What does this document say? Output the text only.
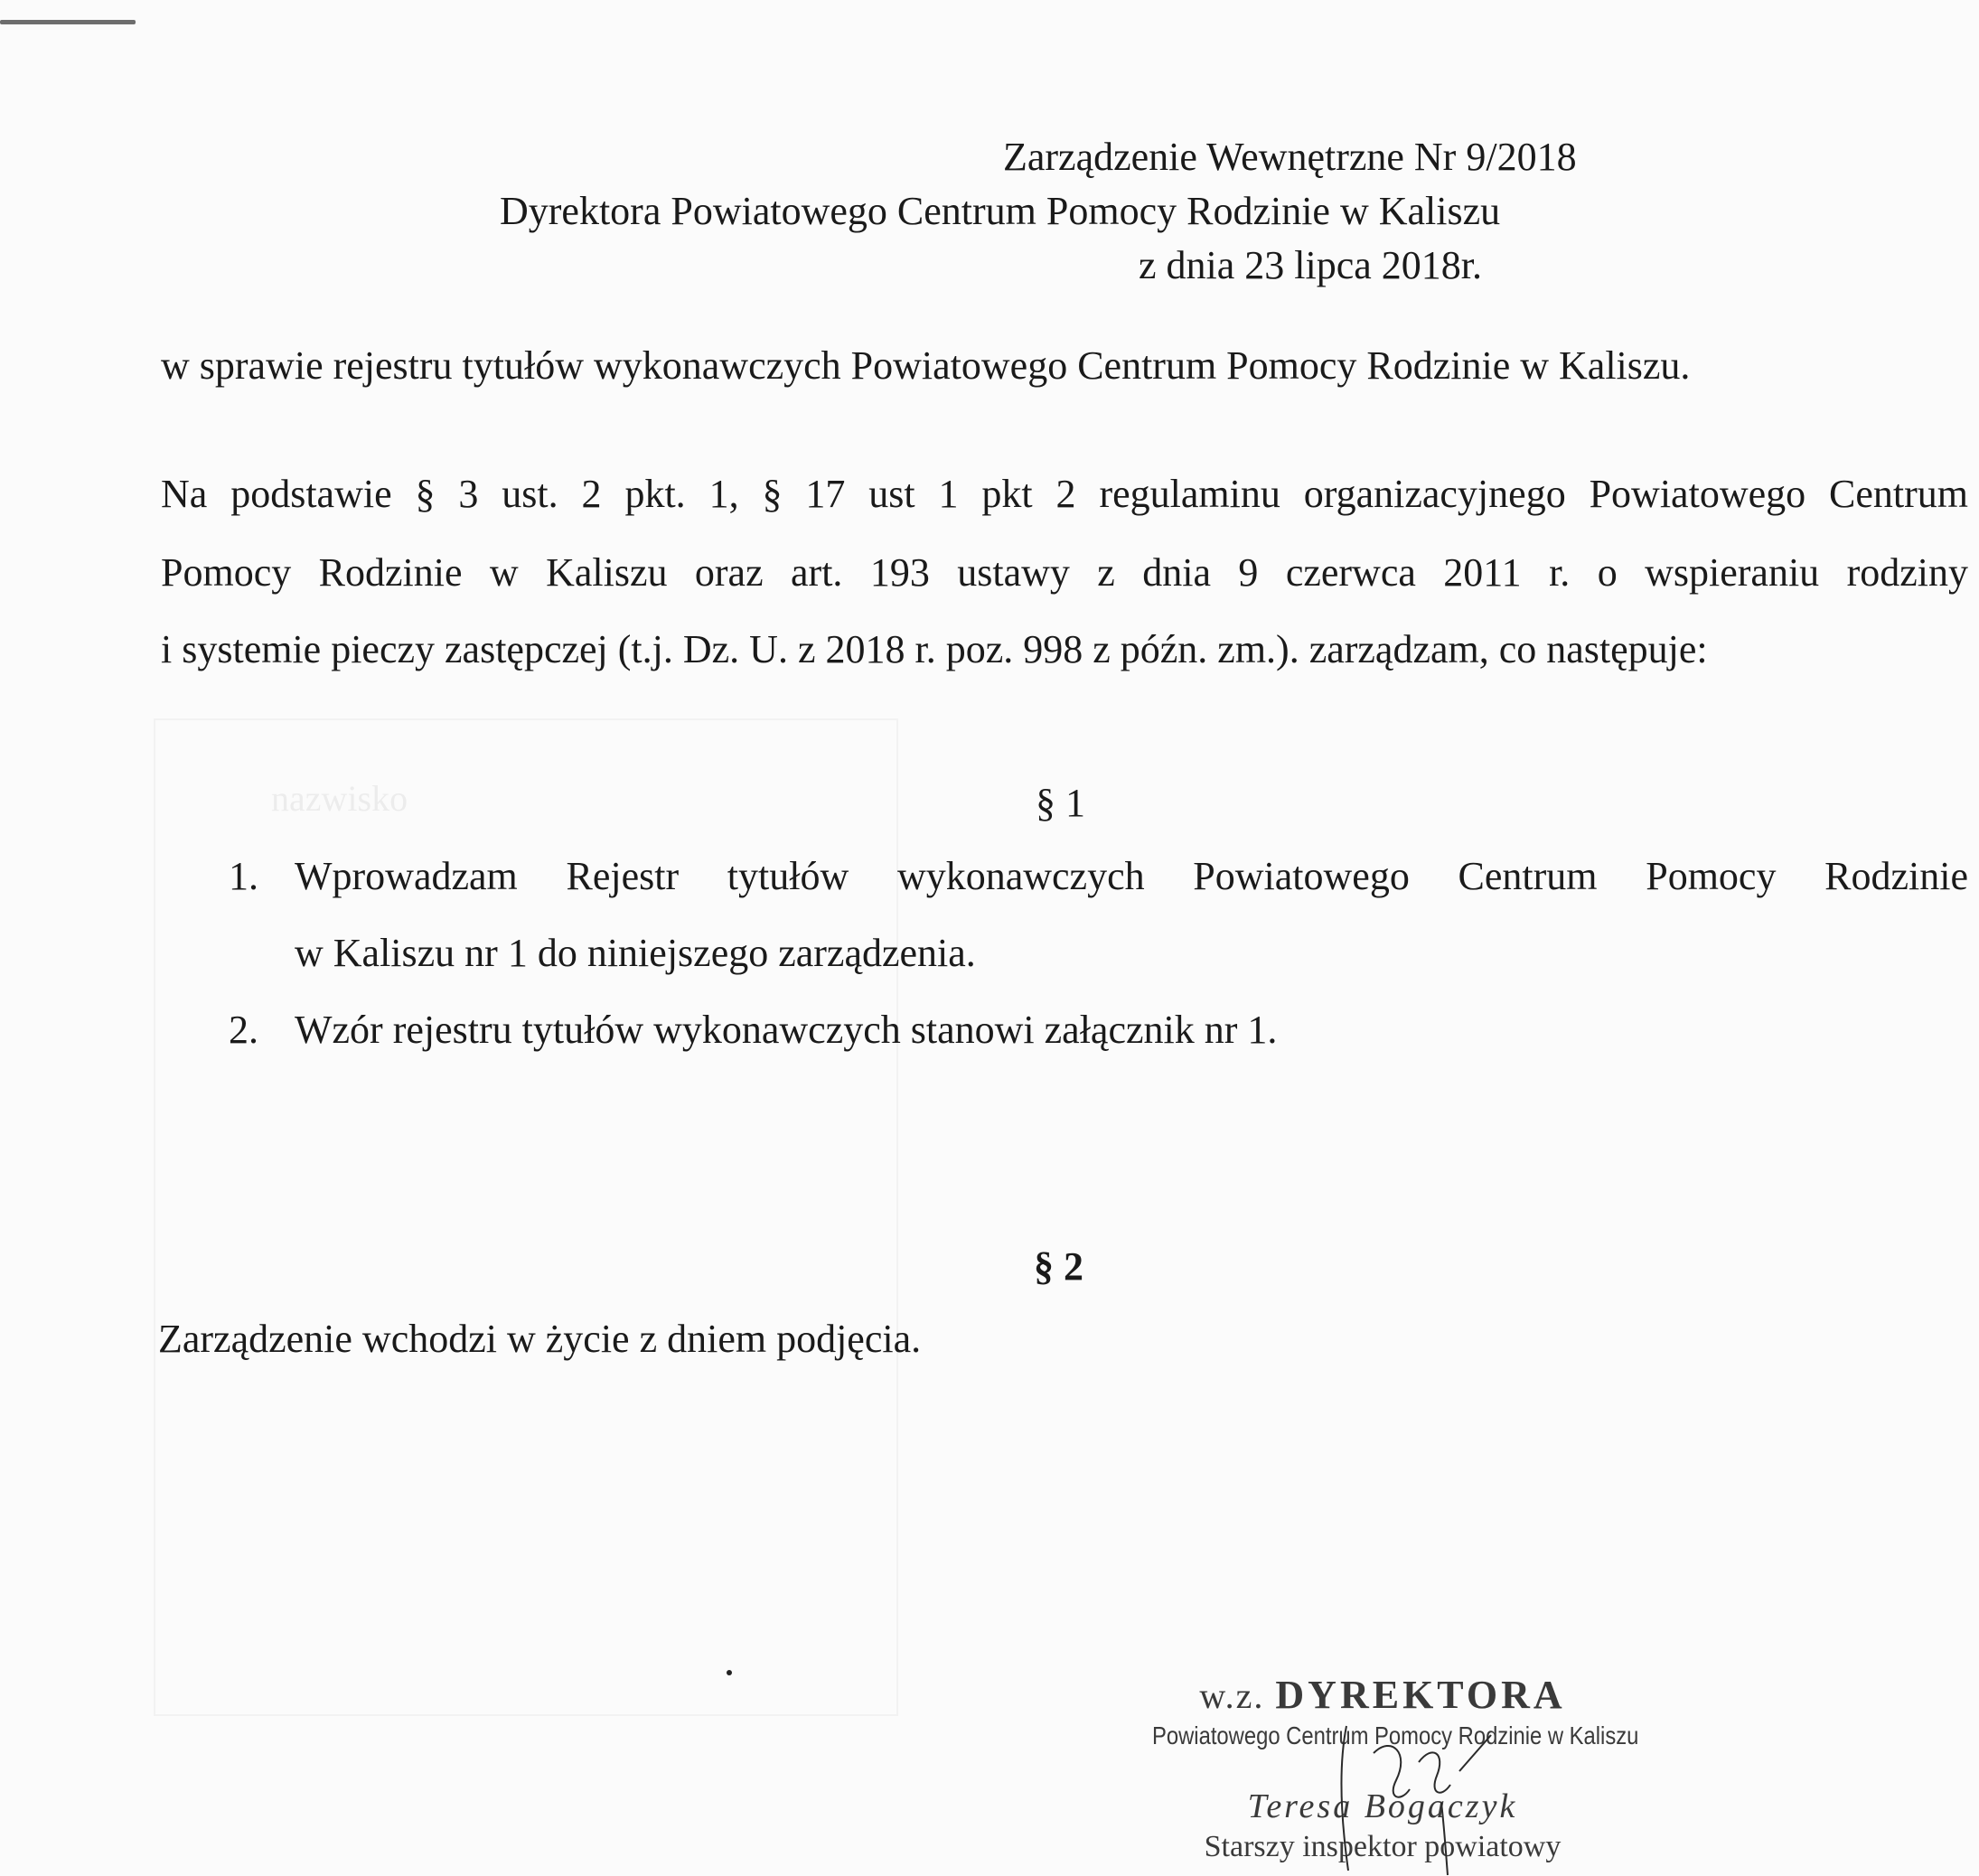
nazwisko
Zarządzenie Wewnętrzne Nr 9/2018
Dyrektora Powiatowego Centrum Pomocy Rodzinie w Kaliszu
z dnia 23 lipca 2018r.
w sprawie rejestru tytułów wykonawczych Powiatowego Centrum Pomocy Rodzinie w Kaliszu.
Na podstawie § 3 ust. 2 pkt. 1, § 17 ust 1 pkt 2 regulaminu organizacyjnego Powiatowego Centrum
Pomocy Rodzinie w Kaliszu oraz art. 193 ustawy z dnia 9 czerwca 2011 r. o wspieraniu rodziny
i systemie pieczy zastępczej (t.j. Dz. U. z 2018 r. poz. 998 z późn. zm.). zarządzam, co następuje:
§ 1
1. Wprowadzam Rejestr tytułów wykonawczych Powiatowego Centrum Pomocy Rodzinie
w Kaliszu nr 1 do niniejszego zarządzenia.
2. Wzór rejestru tytułów wykonawczych stanowi załącznik nr 1.
§ 2
Zarządzenie wchodzi w życie z dniem podjęcia.
w.z. DYREKTORA
Powiatowego Centrum Pomocy Rodzinie w Kaliszu
Teresa Bogaczyk
Starszy inspektor powiatowy
